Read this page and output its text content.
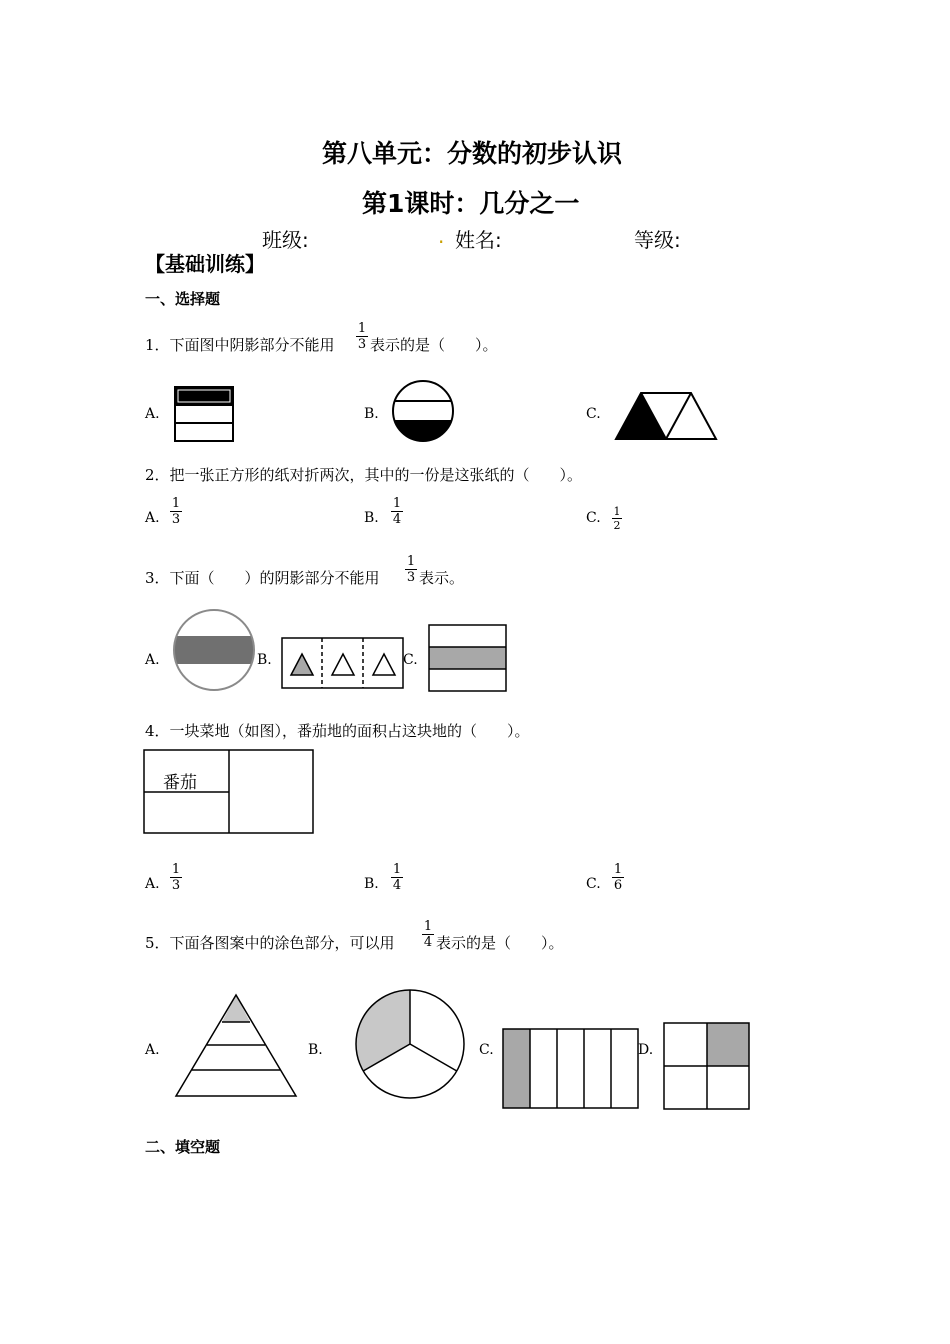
第八单元：分数的初步认识
第1课时：几分之一
班级:	. 姓名:	等级:
【基础训练】
一、选择题
1．下面图中阴影部分不能用
1
3 表示的是（　　）。
A.	B.	C.
2．把一张正方形的纸对折两次，其中的一份是这张纸的（　　）。
A.
1
3	B.
1
4	C. 1
2
3．下面（　　）的阴影部分不能用
1
3 表示。
A.	B.	C.
4．一块菜地（如图），番茄地的面积占这块地的（　　）。
番茄
A.
1
3	B.
1
4	C.
1
6
5．下面各图案中的涂色部分，可以用
1
4 表示的是（　　）。
A.	B.	C.	D.
二、填空题
